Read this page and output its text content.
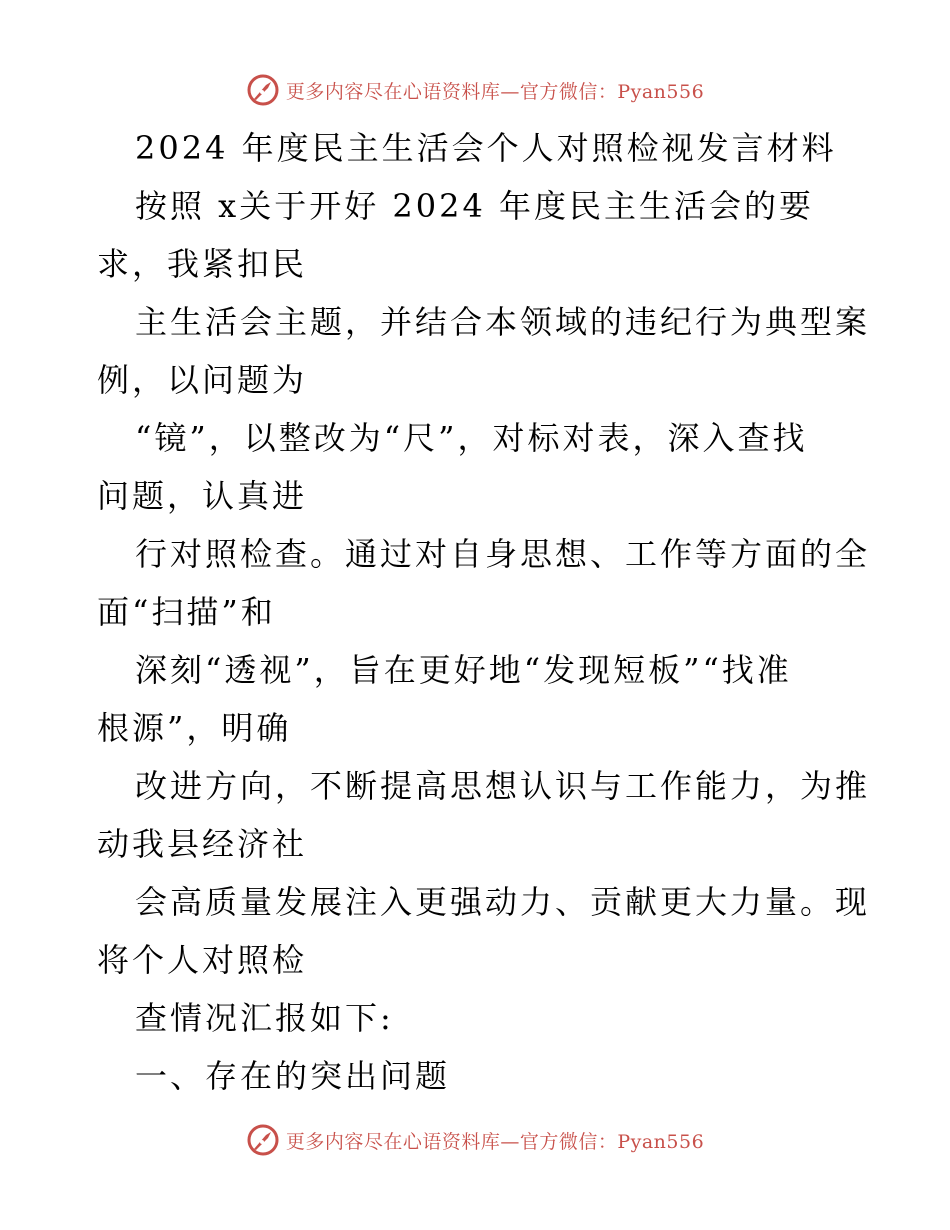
更多内容尽在心语资料库—官方微信：Pyan556
2024 年度民主生活会个人对照检视发言材料
按照 x关于开好 2024 年度民主生活会的要
求，我紧扣民
主生活会主题，并结合本领域的违纪行为典型案
例，以问题为
“镜”，以整改为“尺”，对标对表，深入查找
问题，认真进
行对照检查。通过对自身思想、工作等方面的全
面“扫描”和
深刻“透视”，旨在更好地“发现短板”“找准
根源”，明确
改进方向，不断提高思想认识与工作能力，为推
动我县经济社
会高质量发展注入更强动力、贡献更大力量。现
将个人对照检
查情况汇报如下:
一、存在的突出问题
更多内容尽在心语资料库—官方微信：Pyan556
